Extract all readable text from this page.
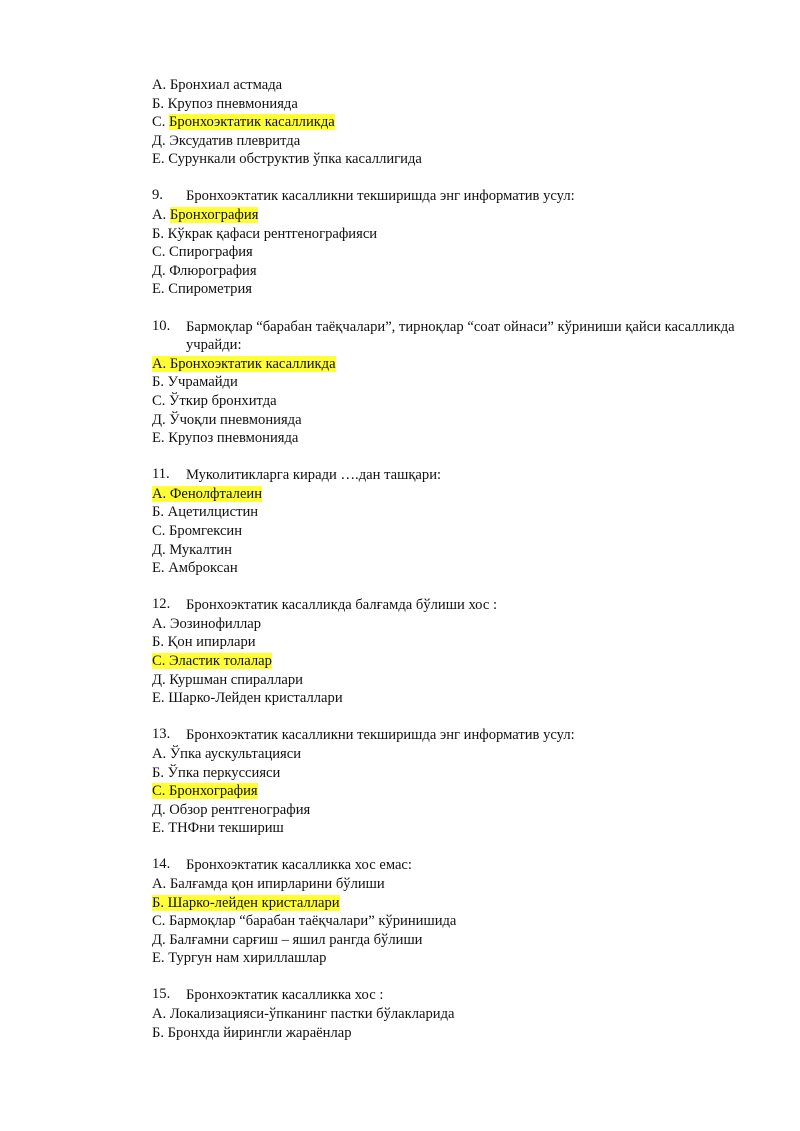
А. Бронхиал астмада
Б. Крупоз пневмонияда
С. Бронхоэктатик касалликда
Д. Эксудатив плевритда
Е. Сурункали обструктив ўпка касаллигида
9.	Бронхоэктатик касалликни текширишда энг информатив усул:
А. Бронхография
Б. Кўкрак қафаси рентгенографияси
С. Спирография
Д. Флюрография
Е. Спирометрия
10.	Бармоқлар “барабан таёқчалари”, тирноқлар “соат ойнаси” кўриниши қайси касалликда учрайди:
А. Бронхоэктатик касалликда
Б. Учрамайди
С. Ўткир бронхитда
Д. Ўчоқли пневмонияда
Е. Крупоз пневмонияда
11.	Муколитикларга киради ….дан ташқари:
А. Фенолфталеин
Б. Ацетилцистин
С. Бромгексин
Д. Мукалтин
Е. Амброксан
12.	Бронхоэктатик касалликда балғамда бўлиши хос :
А. Эозинофиллар
Б. Қон ипирлари
С. Эластик толалар
Д. Куршман спираллари
Е. Шарко-Лейден кристаллари
13.	Бронхоэктатик касалликни текширишда энг информатив усул:
А. Ўпка аускультацияси
Б. Ўпка перкуссияси
С. Бронхография
Д. Обзор рентгенография
Е. ТНФни текшириш
14.	Бронхоэктатик касалликка хос емас:
А. Балғамда қон ипирларини бўлиши
Б. Шарко-лейден кристаллари
С. Бармоқлар “барабан таёқчалари” кўринишида
Д. Балғамни сарғиш – яшил рангда бўлиши
Е. Тургун нам хириллашлар
15.	Бронхоэктатик касалликка хос :
А. Локализацияси-ўпканинг пастки бўлакларида
Б. Бронхда йирингли жараёнлар
